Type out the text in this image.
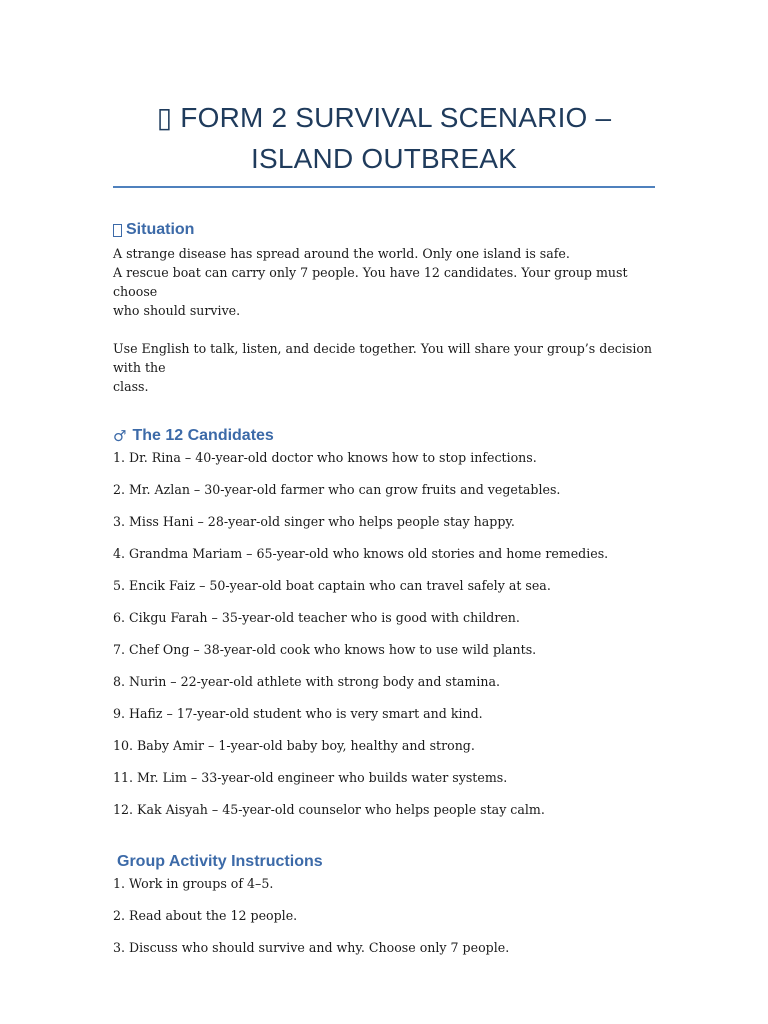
▯ FORM 2 SURVIVAL SCENARIO –
ISLAND OUTBREAK
Situation

A strange disease has spread around the world. Only one island is safe.

A rescue boat can carry only 7 people. You have 12 candidates. Your group must choose

who should survive.

Use English to talk, listen, and decide together. You will share your group’s decision with the

class.

♂ The 12 Candidates

1. Dr. Rina – 40-year-old doctor who knows how to stop infections.

2. Mr. Azlan – 30-year-old farmer who can grow fruits and vegetables.

3. Miss Hani – 28-year-old singer who helps people stay happy.

4. Grandma Mariam – 65-year-old who knows old stories and home remedies.

5. Encik Faiz – 50-year-old boat captain who can travel safely at sea.

6. Cikgu Farah – 35-year-old teacher who is good with children.

7. Chef Ong – 38-year-old cook who knows how to use wild plants.

8. Nurin – 22-year-old athlete with strong body and stamina.

9. Hafiz – 17-year-old student who is very smart and kind.

10. Baby Amir – 1-year-old baby boy, healthy and strong.

11. Mr. Lim – 33-year-old engineer who builds water systems.

12. Kak Aisyah – 45-year-old counselor who helps people stay calm.

Group Activity Instructions

1. Work in groups of 4–5.

2. Read about the 12 people.

3. Discuss who should survive and why. Choose only 7 people.
